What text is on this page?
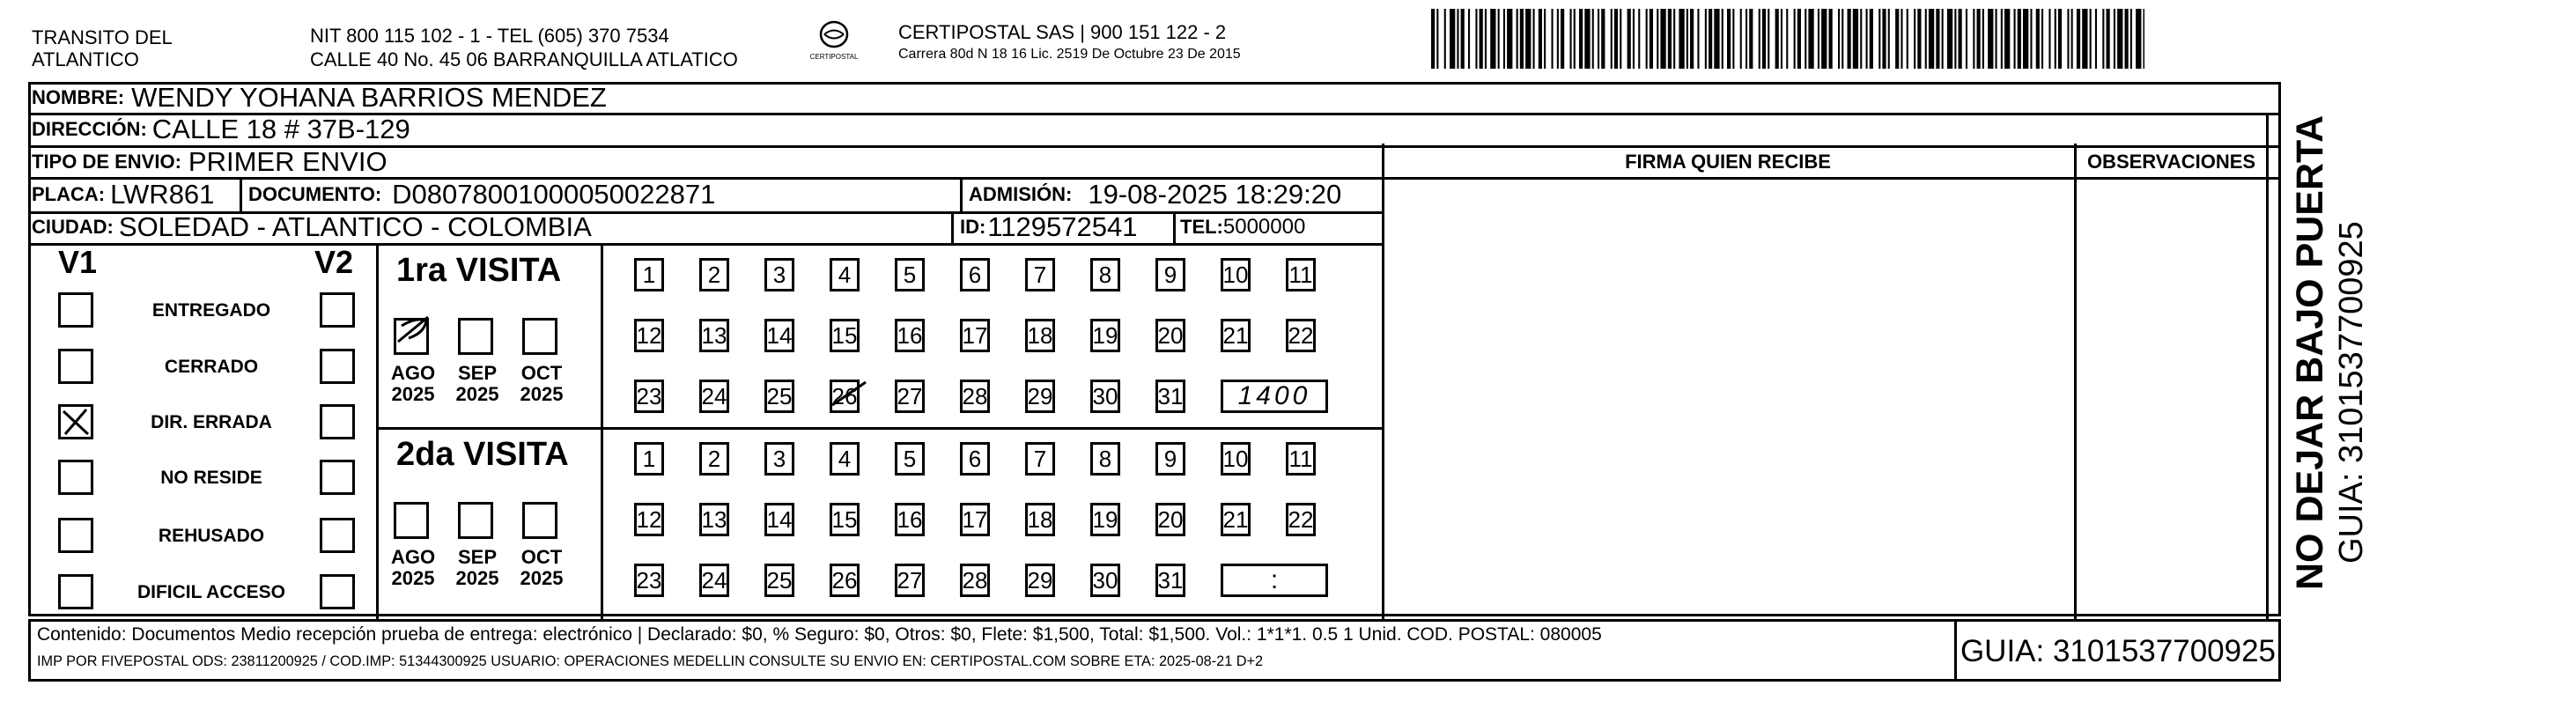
TRANSITO DEL
ATLANTICO
NIT 800 115 102 - 1 - TEL (605) 370 7534
CALLE 40 No. 45 06 BARRANQUILLA ATLATICO	CERTIPOSTAL
CERTIPOSTAL SAS | 900 151 122 - 2
Carrera 80d N 18 16 Lic. 2519 De Octubre 23 De 2015
NOMBRE: WENDY YOHANA BARRIOS MENDEZ
DIRECCIÓN: CALLE 18 # 37B-129
TIPO DE ENVIO: PRIMER ENVIO
PLACA: LWR861 DOCUMENTO: D08078001000050022871	ADMISIÓN: 19-08-2025 18:29:20
CIUDAD: SOLEDAD - ATLANTICO - COLOMBIA	ID: 1129572541 TEL: 5000000
FIRMA QUIEN RECIBE	OBSERVACIONES
V1	V2
ENTREGADO
CERRADO
DIR. ERRADA
NO RESIDE
REHUSADO
DIFICIL ACCESO
1ra VISITA
AGO
2025
SEP
2025
OCT
2025
1 2 3 4 5 6 7 8 9 10 11
12 13 14 15 16 17 18 19 20 21 22
23 24 25 26 27 28 29 30 31 1400
2da VISITA
AGO
2025
SEP
2025
OCT
2025
1 2 3 4 5 6 7 8 9 10 11
12 13 14 15 16 17 18 19 20 21 22
23 24 25 26 27 28 29 30 31	:	NO DEJAR BAJO PUERTA GUIA: 3101537700925
Contenido: Documentos Medio recepción prueba de entrega: electrónico | Declarado: $0, % Seguro: $0, Otros: $0, Flete: $1,500, Total: $1,500. Vol.: 1*1*1. 0.5 1 Unid. COD. POSTAL: 080005
IMP POR FIVEPOSTAL ODS: 23811200925 / COD.IMP: 51344300925 USUARIO: OPERACIONES MEDELLIN CONSULTE SU ENVIO EN: CERTIPOSTAL.COM SOBRE ETA: 2025-08-21 D+2	GUIA: 3101537700925
